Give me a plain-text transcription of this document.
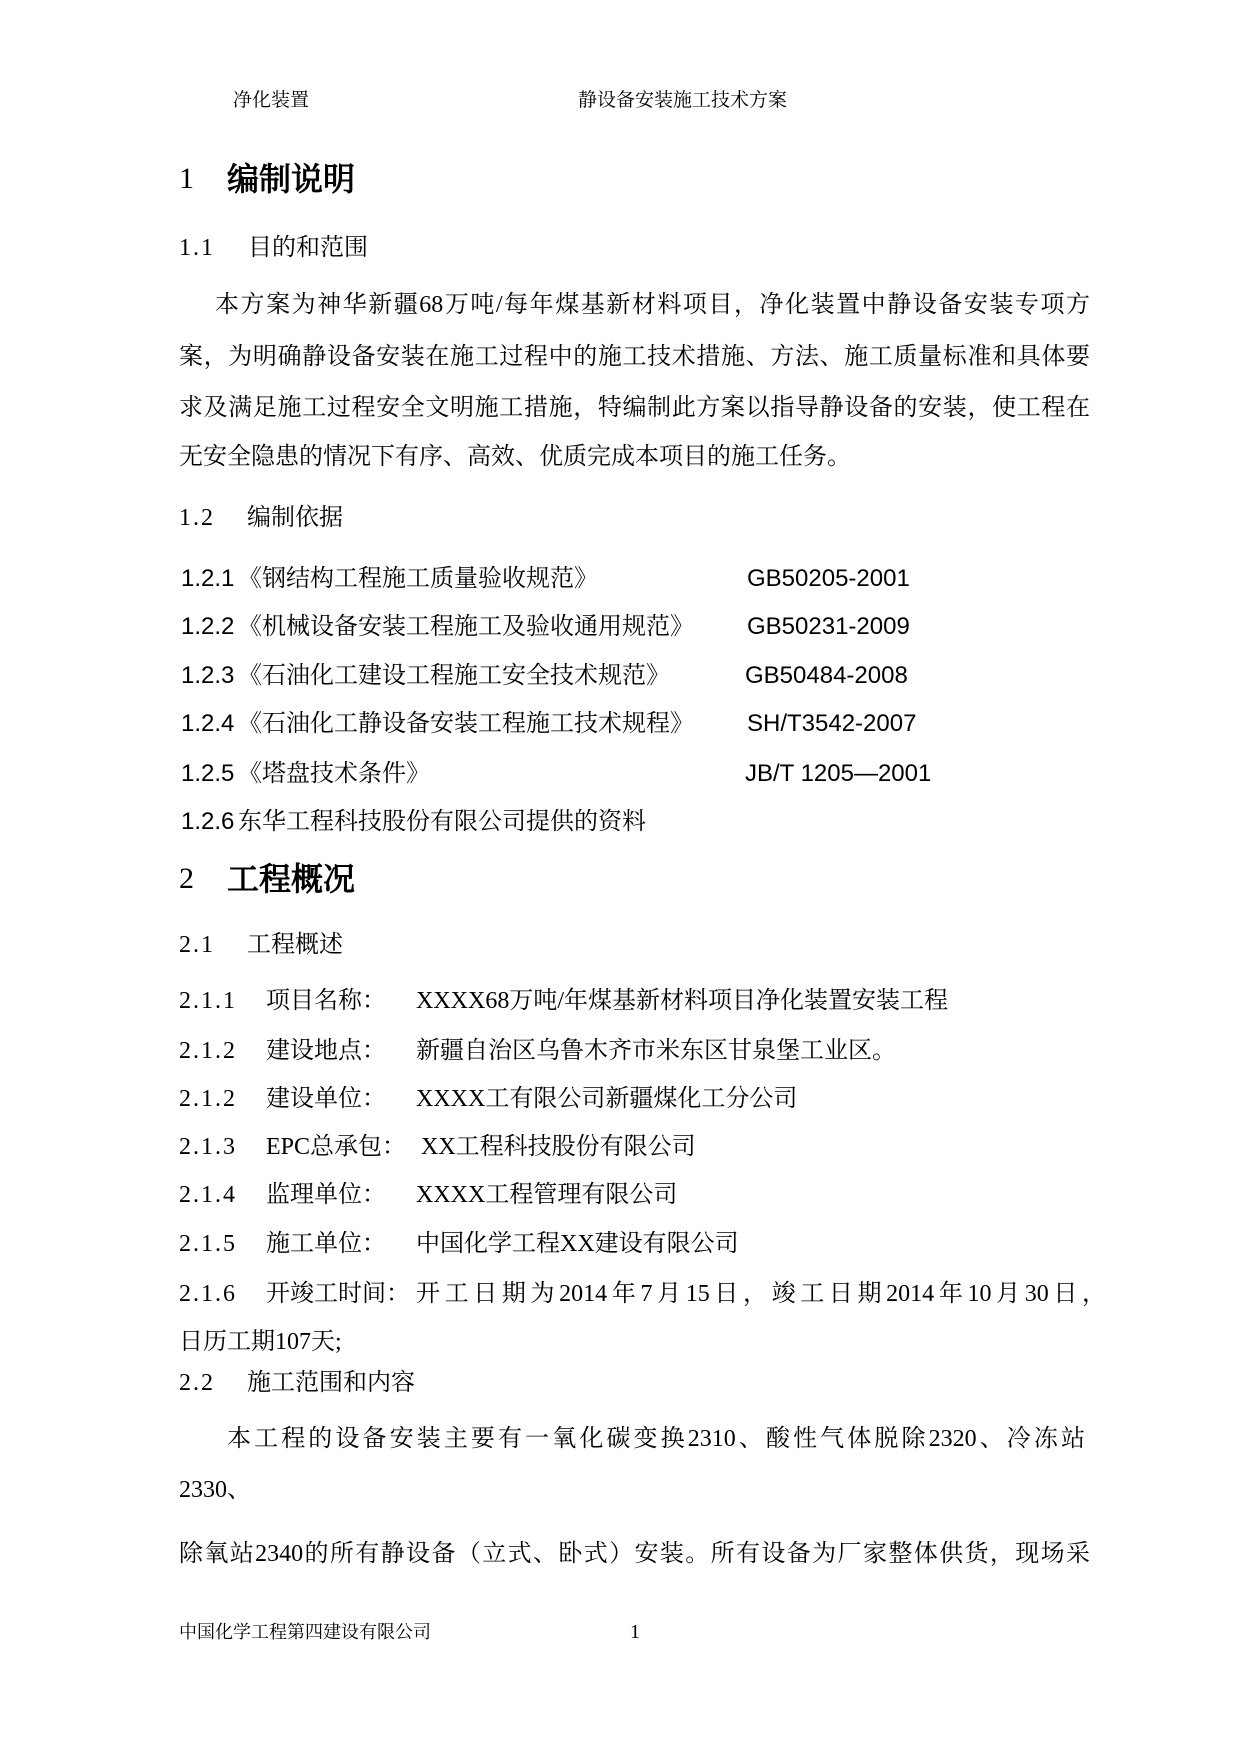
净化装置	静设备安装施工技术方案
1 编制说明
1.1 目的和范围
本方案为神华新疆68万吨/每年煤基新材料项目，净化装置中静设备安装专项方
案，为明确静设备安装在施工过程中的施工技术措施、方法、施工质量标准和具体要
求及满足施工过程安全文明施工措施，特编制此方案以指导静设备的安装，使工程在
无安全隐患的情况下有序、高效、优质完成本项目的施工任务。
1.2 编制依据
1.2.1 《钢结构工程施工质量验收规范》	GB50205-2001
1.2.2 《机械设备安装工程施工及验收通用规范》 GB50231-2009
1.2.3 《石油化工建设工程施工安全技术规范》	GB50484-2008
1.2.4 《石油化工静设备安装工程施工技术规程》 SH/T3542-2007
1.2.5 《塔盘技术条件》	JB/T 1205—2001
1.2.6 东华工程科技股份有限公司提供的资料
2 工程概况
2.1 工程概述
2.1.1 项目名称： XXXX68万吨/年煤基新材料项目净化装置安装工程
2.1.2 建设地点： 新疆自治区乌鲁木齐市米东区甘泉堡工业区。
2.1.2 建设单位： XXXX工有限公司新疆煤化工分公司
2.1.3 EPC总承包： XX工程科技股份有限公司
2.1.4 监理单位： XXXX工程管理有限公司
2.1.5 施工单位： 中国化学工程XX建设有限公司
2.1.6 开竣工时间： 开工日期为2014年7月15日，竣工日期2014年10月30日，
日历工期107天;
2.2 施工范围和内容
本工程的设备安装主要有一氧化碳变换2310、酸性气体脱除2320、冷冻站
2330、
除氧站2340的所有静设备（立式、卧式）安装。所有设备为厂家整体供货，现场采
中国化学工程第四建设有限公司	1
